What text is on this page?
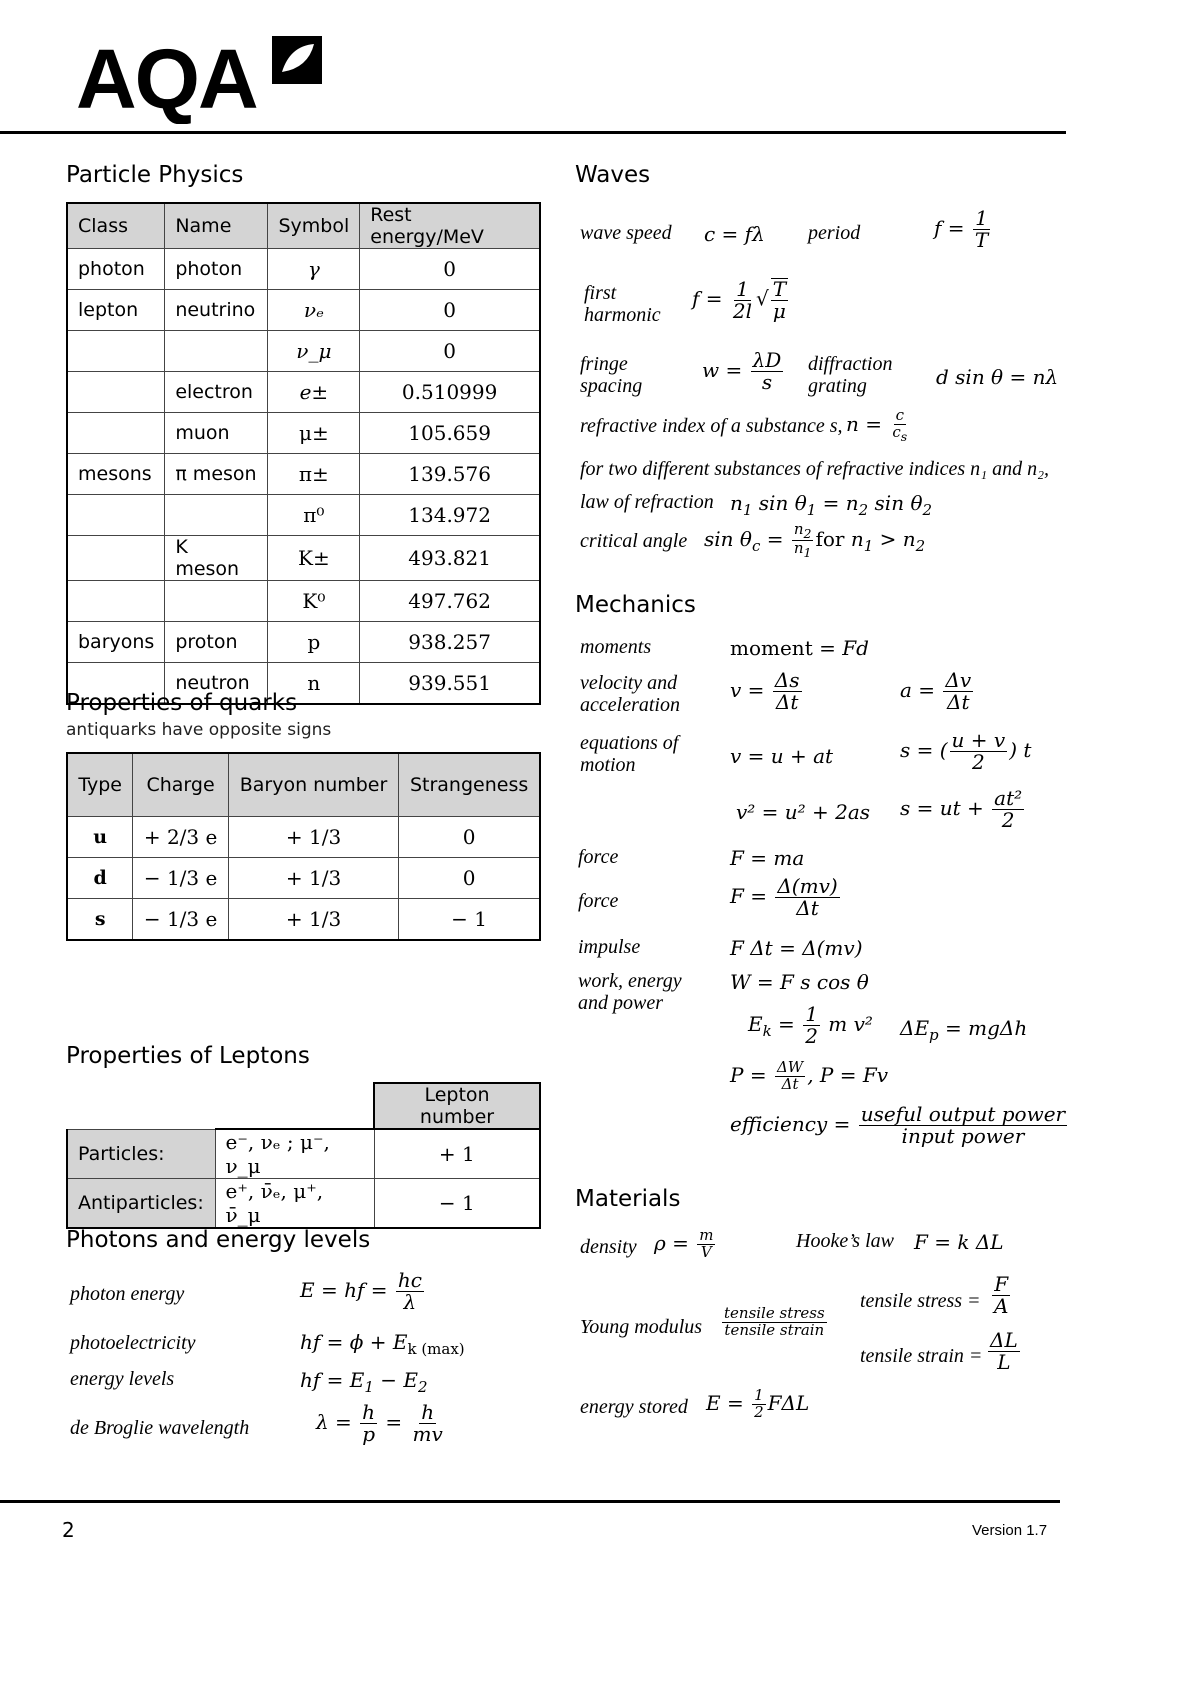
AQA
Particle Physics
Class	Name	Symbol	Rest energy/MeV
photon	photon	γ	0
lepton	neutrino	νₑ	0
		ν_μ	0
	electron	e±	0.510999
	muon	μ±	105.659
mesons	π meson	π±	139.576
		π⁰	134.972
	K meson	K±	493.821
		K⁰	497.762
baryons	proton	p	938.257
	neutron	n	939.551
Properties of quarks
antiquarks have opposite signs
Type	Charge	Baryon number	Strangeness
u	+ 2/3 e	+ 1/3	0
d	− 1/3 e	+ 1/3	0
s	− 1/3 e	+ 1/3	− 1
Properties of Leptons
		Lepton number
Particles:	e⁻, νₑ ; μ⁻, ν_μ	+ 1
Antiparticles:	e⁺, ν̄ₑ, μ⁺, ν̄_μ	− 1
Photons and energy levels
photon energy	E = hf = $\frac{hc}{\lambda}$
photoelectricity	hf = $\phi + E_{k (max)}$
energy levels	hf = $E_1 - E_2$
de Broglie wavelength	$\lambda = \frac{h}{p} = \frac{h}{mv}$
Waves
wave speed c = fλ period	$f = \frac{1}{T}$
first harmonic
$f = \frac{1}{2l}$ √ $\frac{T}{\mu}$
fringe spacing
$w = \frac{\lambda D}{s}$ diffraction grating	d sin θ = nλ
refractive index of a substance s, $n = \frac{c}{c_s}$
for two different substances of refractive indices n₁ and n₂,
law of refraction $n_1$ $\sin \theta_1 = n_2$ $\sin \theta_2$
critical angle $\sin \theta_c = \frac{n_2}{n_1}$ for $n_1 > n_2$
Mechanics
moments	moment = Fd
velocity and acceleration
$v = \frac{\Delta s}{\Delta t}$	$a = \frac{\Delta v}{\Delta t}$
equations of motion	v = u + at	s = ( $\frac{u + v}{2}$ ) t
v² = u² + 2as s = ut + $\frac{\text{at²}}{2}$
force	F = ma
force	$F = \frac{\Delta(mv)}{\Delta t}$
impulse	F Δt = Δ(mv)
work, energy and power
W = F s cos θ
$E_k = \frac{1}{2}$ m v² $\Delta E_p = mg\Delta h$
$P = \frac{\Delta W}{\Delta t}$ , P = Fv
efficiency = $\frac{\text{useful output power}}{\text{input power}}$
Materials
density $\rho = \frac{m}{V}$	Hooke’s law F = k ΔL
tensile stress = $\frac{F}{A}$
Young modulus $\frac{\text{tensile stress}}{\text{tensile strain}}$
tensile strain = $\frac{\Delta L}{L}$
energy stored $E = \frac{1}{2}$ FΔL
2	Version 1.7
